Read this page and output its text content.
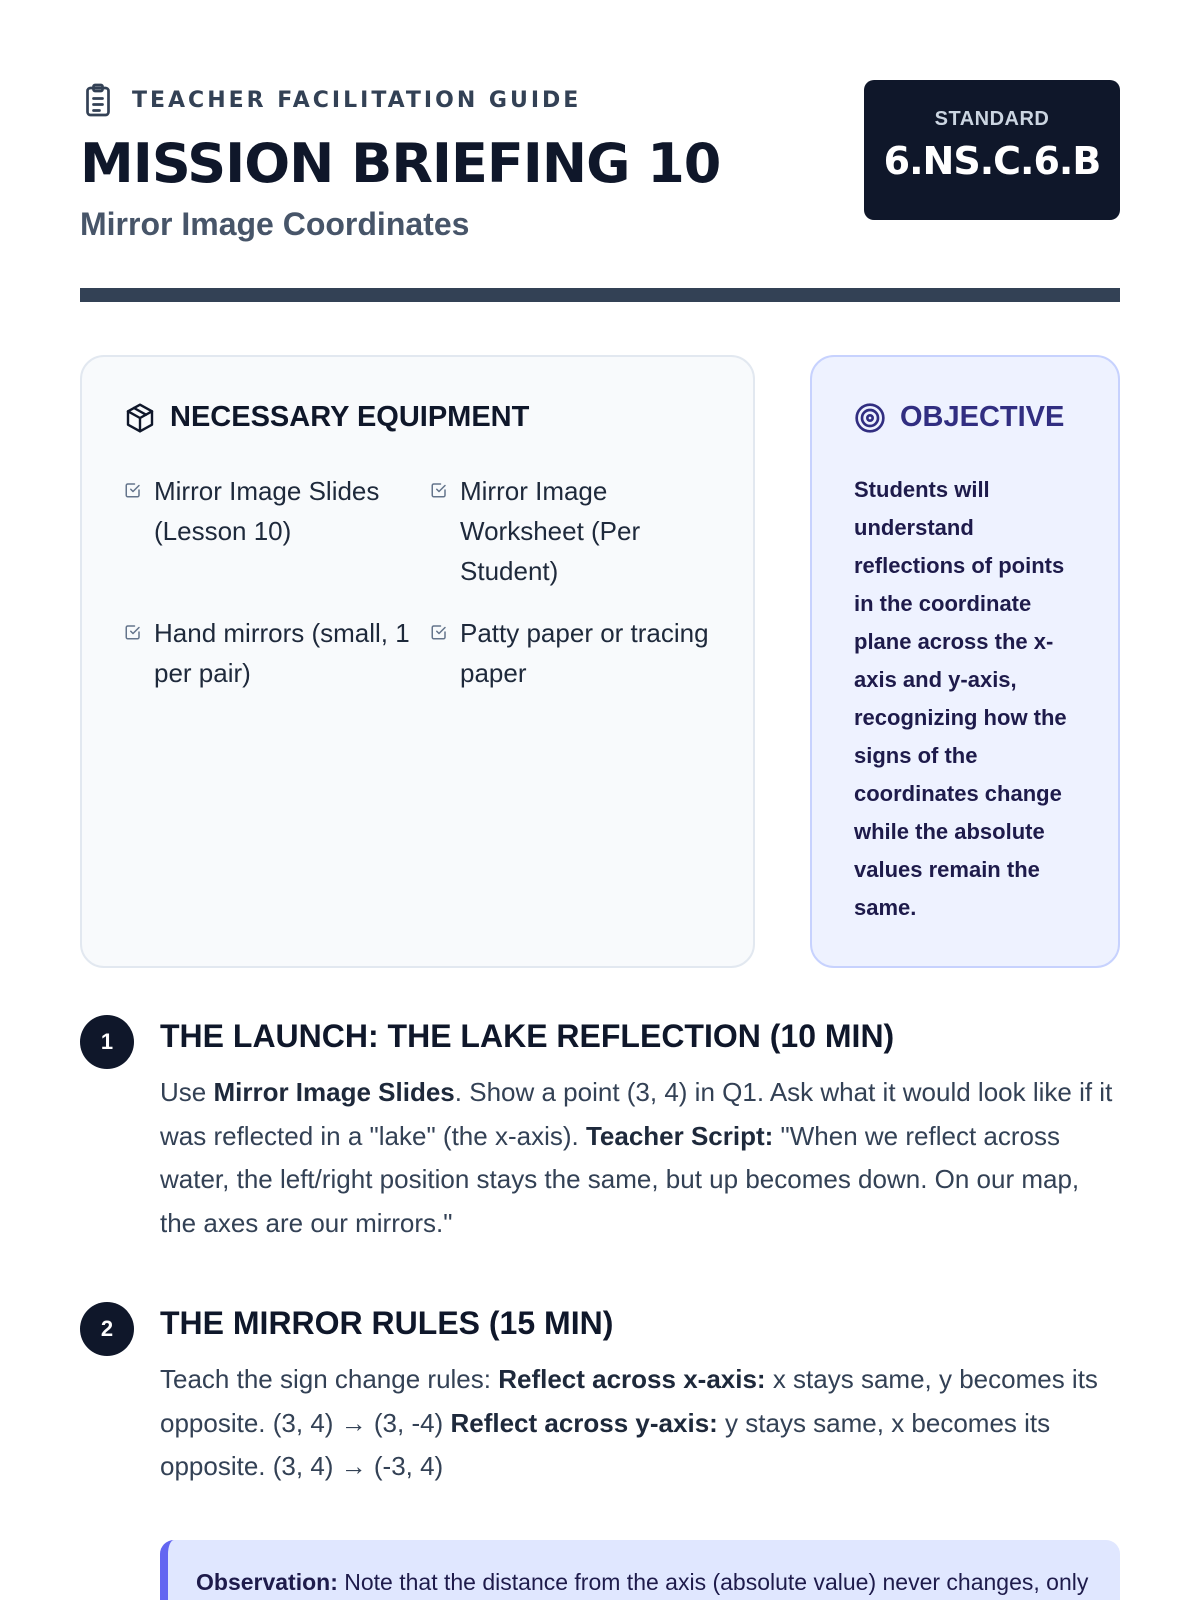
TEACHER FACILITATION GUIDE
MISSION BRIEFING 10
Mirror Image Coordinates
STANDARD
6.NS.C.6.B
NECESSARY EQUIPMENT
Mirror Image Slides (Lesson 10)
Mirror Image Worksheet (Per Student)
Hand mirrors (small, 1 per pair)
Patty paper or tracing paper
OBJECTIVE

Students will understand reflections of points in the coordinate plane across the x-axis and y-axis, recognizing how the signs of the coordinates change while the absolute values remain the same.

1	THE LAUNCH: THE LAKE REFLECTION (10 MIN)

Use Mirror Image Slides. Show a point (3, 4) in Q1. Ask what it would look like if it was reflected in a "lake" (the x-axis). Teacher Script: "When we reflect across water, the left/right position stays the same, but up becomes down. On our map, the axes are our mirrors."

2	THE MIRROR RULES (15 MIN)

Teach the sign change rules: Reflect across x-axis: x stays same, y becomes its opposite. (3, 4) → (3, -4) Reflect across y-axis: y stays same, x becomes its opposite. (3, 4) → (-3, 4)

Observation: Note that the distance from the axis (absolute value) never changes, only
